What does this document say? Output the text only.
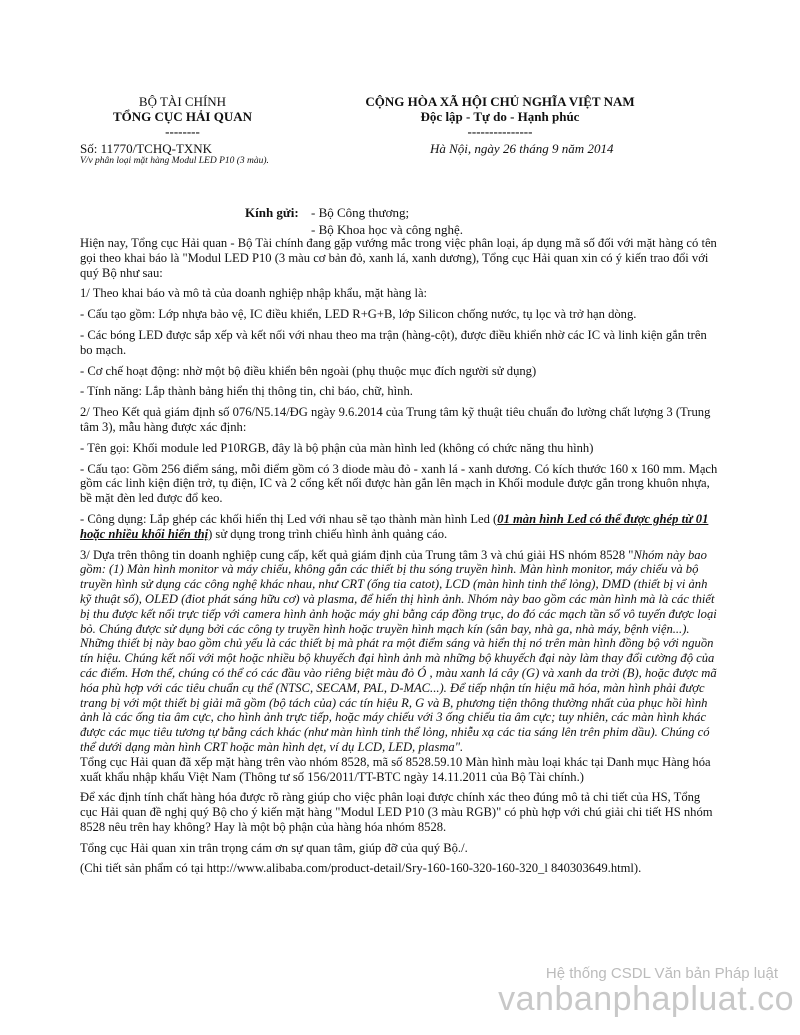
BỘ TÀI CHÍNH
TỔNG CỤC HẢI QUAN
--------
CỘNG HÒA XÃ HỘI CHỦ NGHĨA VIỆT NAM
Độc lập - Tự do - Hạnh phúc
---------------
Số: 11770/TCHQ-TXNK
V/v phân loại mặt hàng Modul LED P10 (3 màu).
Hà Nội, ngày 26 tháng 9 năm 2014
Kính gửi: - Bộ Công thương;
- Bộ Khoa học và công nghệ.

Hiện nay, Tổng cục Hải quan - Bộ Tài chính đang gặp vướng mắc trong việc phân loại, áp dụng mã số đối với mặt hàng có tên gọi theo khai báo là "Modul LED P10 (3 màu cơ bản đỏ, xanh lá, xanh dương), Tổng cục Hải quan xin có ý kiến trao đổi với quý Bộ như sau:

1/ Theo khai báo và mô tả của doanh nghiệp nhập khẩu, mặt hàng là:

- Cấu tạo gồm: Lớp nhựa bảo vệ, IC điều khiển, LED R+G+B, lớp Silicon chống nước, tụ lọc và trở hạn dòng.

- Các bóng LED được sắp xếp và kết nối với nhau theo ma trận (hàng-cột), được điều khiển nhờ các IC và linh kiện gắn trên bo mạch.

- Cơ chế hoạt động: nhờ một bộ điều khiển bên ngoài (phụ thuộc mục đích người sử dụng)

- Tính năng: Lắp thành bảng hiển thị thông tin, chỉ báo, chữ, hình.

2/ Theo Kết quả giám định số 076/N5.14/ĐG ngày 9.6.2014 của Trung tâm kỹ thuật tiêu chuẩn đo lường chất lượng 3 (Trung tâm 3), mẫu hàng được xác định:

- Tên gọi: Khối module led P10RGB, đây là bộ phận của màn hình led (không có chức năng thu hình)

- Cấu tạo: Gồm 256 điểm sáng, mỗi điểm gồm có 3 diode màu đỏ - xanh lá - xanh dương. Có kích thước 160 x 160 mm. Mạch gồm các linh kiện điện trở, tụ điện, IC và 2 cổng kết nối được hàn gắn lên mạch in Khối module được gắn trong khuôn nhựa, bề mặt đèn led được đổ keo.

- Công dụng: Lắp ghép các khối hiển thị Led với nhau sẽ tạo thành màn hình Led (01 màn hình Led có thể được ghép từ 01 hoặc nhiều khối hiển thị) sử dụng trong trình chiếu hình ảnh quảng cáo.

3/ Dựa trên thông tin doanh nghiệp cung cấp, kết quả giám định của Trung tâm 3 và chú giải HS nhóm 8528 "Nhóm này bao gồm: (1) Màn hình monitor và máy chiếu, không gắn các thiết bị thu sóng truyền hình. Màn hình monitor, máy chiếu và bộ truyền hình sử dụng các công nghệ khác nhau, như CRT (ống tia catot), LCD (màn hình tinh thể lỏng), DMD (thiết bị vi ảnh kỹ thuật số), OLED (điot phát sáng hữu cơ) và plasma, để hiển thị hình ảnh. Nhóm này bao gồm các màn hình mà là các thiết bị thu được kết nối trực tiếp với camera hình ảnh hoặc máy ghi bằng cáp đồng trục, do đó các mạch tần số vô tuyến được loại bỏ. Chúng được sử dụng bởi các công ty truyền hình hoặc truyền hình mạch kín (sân bay, nhà ga, nhà máy, bệnh viện...). Những thiết bị này bao gồm chủ yếu là các thiết bị mà phát ra một điểm sáng và hiển thị nó trên màn hình đồng bộ với nguồn tín hiệu. Chúng kết nối với một hoặc nhiều bộ khuyếch đại hình ảnh mà những bộ khuyếch đại này làm thay đổi cường độ của các điểm. Hơn thế, chúng có thể có các đầu vào riêng biệt màu đỏ Ó , màu xanh lá cây (G) và xanh da trời (B), hoặc được mã hóa phù hợp với các tiêu chuẩn cụ thể (NTSC, SECAM, PAL, D-MAC...). Để tiếp nhận tín hiệu mã hóa, màn hình phải được trang bị với một thiết bị giải mã gồm (bộ tách của) các tín hiệu R, G và B, phương tiện thông thường nhất của phục hồi hình ảnh là các ống tia âm cực, cho hình ảnh trực tiếp, hoặc máy chiếu với 3 ống chiếu tia âm cực; tuy nhiên, các màn hình khác được các mục tiêu tương tự bằng cách khác (như màn hình tinh thể lỏng, nhiễu xạ các tia sáng lên trên phim dầu). Chúng có thể dưới dạng màn hình CRT hoặc màn hình dẹt, ví dụ LCD, LED, plasma".

Tổng cục Hải quan đã xếp mặt hàng trên vào nhóm 8528, mã số 8528.59.10 Màn hình màu loại khác tại Danh mục Hàng hóa xuất khẩu nhập khẩu Việt Nam (Thông tư số 156/2011/TT-BTC ngày 14.11.2011 của Bộ Tài chính.)

Để xác định tính chất hàng hóa được rõ ràng giúp cho việc phân loại được chính xác theo đúng mô tả chi tiết của HS, Tổng cục Hải quan đề nghị quý Bộ cho ý kiến mặt hàng "Modul LED P10 (3 màu RGB)" có phù hợp với chú giải chi tiết HS nhóm 8528 nêu trên hay không? Hay là một bộ phận của hàng hóa nhóm 8528.

Tổng cục Hải quan xin trân trọng cám ơn sự quan tâm, giúp đỡ của quý Bộ./.

(Chi tiết sản phẩm có tại http://www.alibaba.com/product-detail/Sry-160-160-320-160-320_l 840303649.html).

Hệ thống CSDL Văn bản Pháp luật
vanbanphapluat.co
